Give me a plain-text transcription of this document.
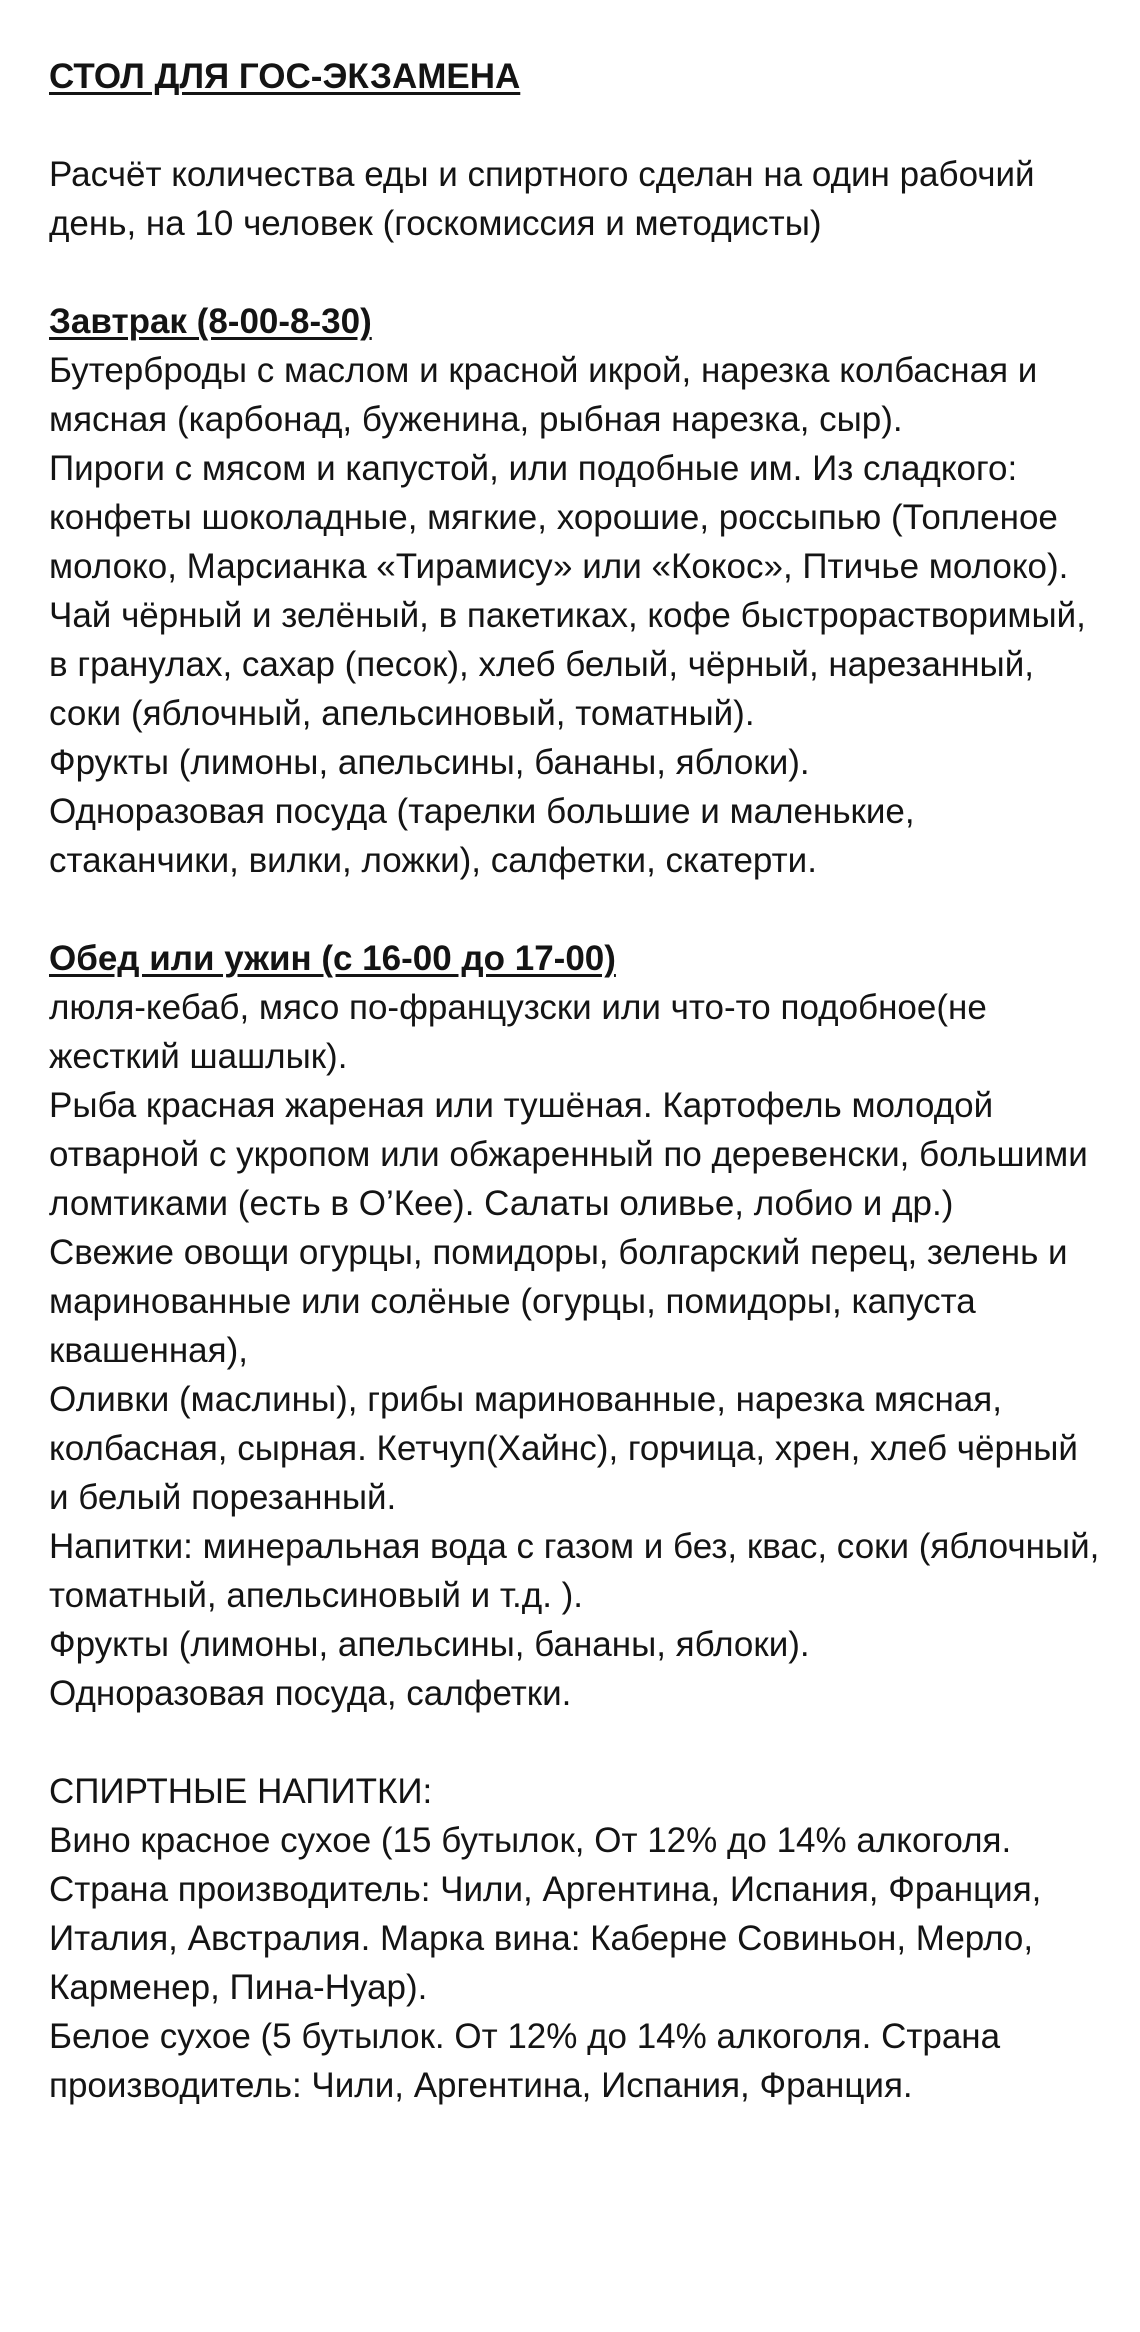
СТОЛ ДЛЯ ГОС-ЭКЗАМЕНА

Расчёт количества еды и спиртного сделан на один рабочий день, на 10 человек (госкомиссия и методисты)

Завтрак (8-00-8-30)

Бутерброды с маслом и красной икрой, нарезка колбасная и мясная (карбонад, буженина, рыбная нарезка, сыр).

Пироги с мясом и капустой, или подобные им. Из сладкого: конфеты шоколадные, мягкие, хорошие, россыпью (Топленое молоко, Марсианка «Тирамису» или «Кокос», Птичье молоко).

Чай чёрный и зелёный, в пакетиках, кофе быстрорастворимый, в гранулах, сахар (песок), хлеб белый, чёрный, нарезанный, соки (яблочный, апельсиновый, томатный).

Фрукты (лимоны, апельсины, бананы, яблоки).

Одноразовая посуда (тарелки большие и маленькие, стаканчики, вилки, ложки), салфетки, скатерти.

Обед или ужин (с 16-00 до 17-00)

люля-кебаб, мясо по-французски или что-то подобное(не жесткий шашлык).

Рыба красная жареная или тушёная. Картофель молодой отварной с укропом или обжаренный по деревенски, большими ломтиками (есть в О’Кее). Салаты оливье, лобио и др.)

Свежие овощи огурцы, помидоры, болгарский перец, зелень и маринованные или солёные (огурцы, помидоры, капуста квашенная),

Оливки (маслины), грибы маринованные, нарезка мясная, колбасная, сырная. Кетчуп(Хайнс), горчица, хрен, хлеб чёрный и белый порезанный.

Напитки: минеральная вода с газом и без, квас, соки (яблочный, томатный, апельсиновый и т.д. ).

Фрукты (лимоны, апельсины, бананы, яблоки).

Одноразовая посуда, салфетки.

СПИРТНЫЕ НАПИТКИ:

Вино красное сухое (15 бутылок, От 12% до 14% алкоголя. Страна производитель: Чили, Аргентина, Испания, Франция, Италия, Австралия. Марка вина: Каберне Совиньон, Мерло, Карменер, Пина-Нуар).

Белое сухое (5 бутылок. От 12% до 14% алкоголя. Страна производитель: Чили, Аргентина, Испания, Франция.
